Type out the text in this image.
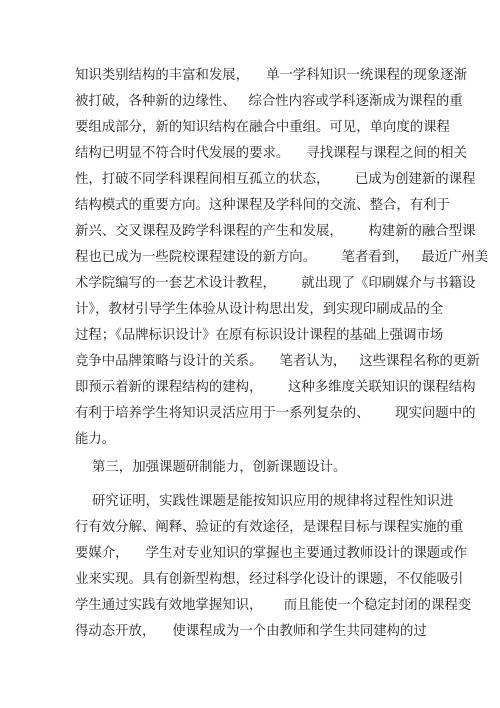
知识类别结构的丰富和发展，    单一学科知识一统课程的现象逐渐
被打破，各种新的边缘性、   综合性内容或学科逐渐成为课程的重
要组成部分，新的知识结构在融合中重组。可见，单向度的课程
结构已明显不符合时代发展的要求。    寻找课程与课程之间的相关
性，打破不同学科课程间相互孤立的状态，      已成为创建新的课程
结构模式的重要方向。这种课程及学科间的交流、整合，有利于
新兴、交叉课程及跨学科课程的产生和发展，      构建新的融合型课
程也已成为一些院校课程建设的新方向。      笔者看到，   最近广州美
术学院编写的一套艺术设计教程，      就出现了《印刷媒介与书籍设
计》，教材引导学生体验从设计构思出发，到实现印刷成品的全
过程；《品牌标识设计》在原有标识设计课程的基础上强调市场
竞争中品牌策略与设计的关系。    笔者认为，   这些课程名称的更新
即预示着新的课程结构的建构，      这种多维度关联知识的课程结构
有利于培养学生将知识灵活应用于一系列复杂的、      现实问题中的
能力。
第三，加强课题研制能力，创新课题设计。
研究证明，实践性课题是能按知识应用的规律将过程性知识进
行有效分解、阐释、验证的有效途径，是课程目标与课程实施的重
要媒介，    学生对专业知识的掌握也主要通过教师设计的课题或作
业来实现。具有创新型构想，经过科学化设计的课题，不仅能吸引
学生通过实践有效地掌握知识，     而且能使一个稳定封闭的课程变
得动态开放，    使课程成为一个由教师和学生共同建构的过
